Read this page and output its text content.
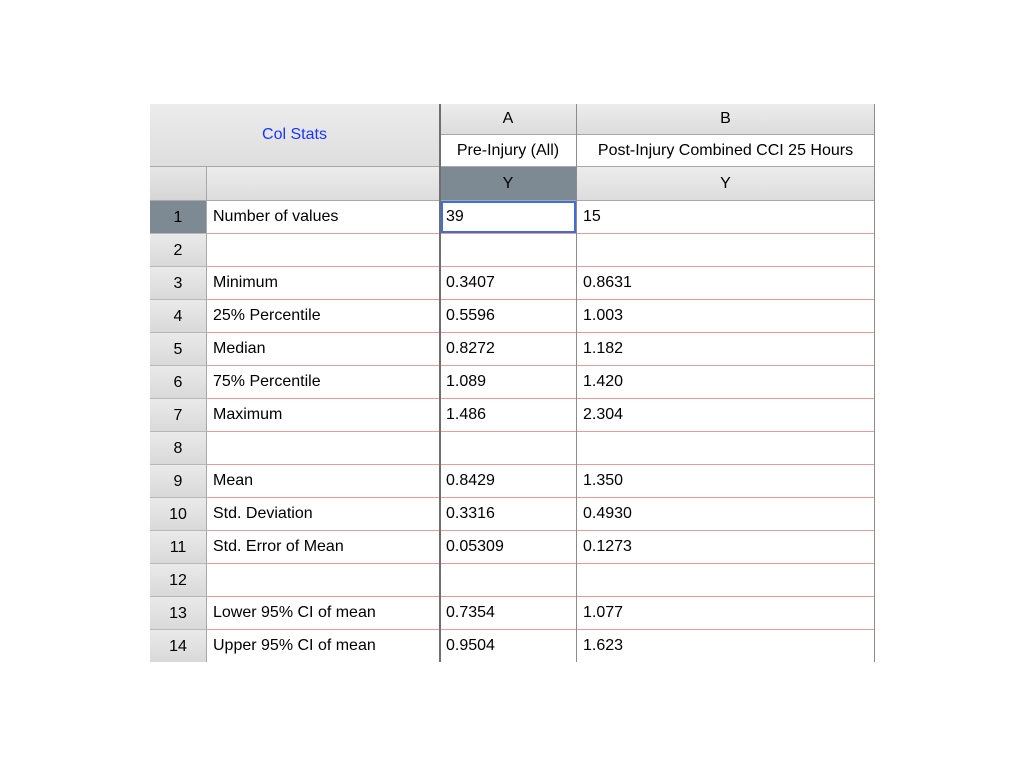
Col Stats
A	B
Pre-Injury (All)	Post-Injury Combined CCI 25 Hours
Y	Y
1	Number of values	39	15
2
3	Minimum	0.3407	0.8631
4	25% Percentile	0.5596	1.003
5	Median	0.8272	1.182
6	75% Percentile	1.089	1.420
7	Maximum	1.486	2.304
8
9	Mean	0.8429	1.350
10	Std. Deviation	0.3316	0.4930
11	Std. Error of Mean	0.05309	0.1273
12
13	Lower 95% CI of mean	0.7354	1.077
14	Upper 95% CI of mean	0.9504	1.623
